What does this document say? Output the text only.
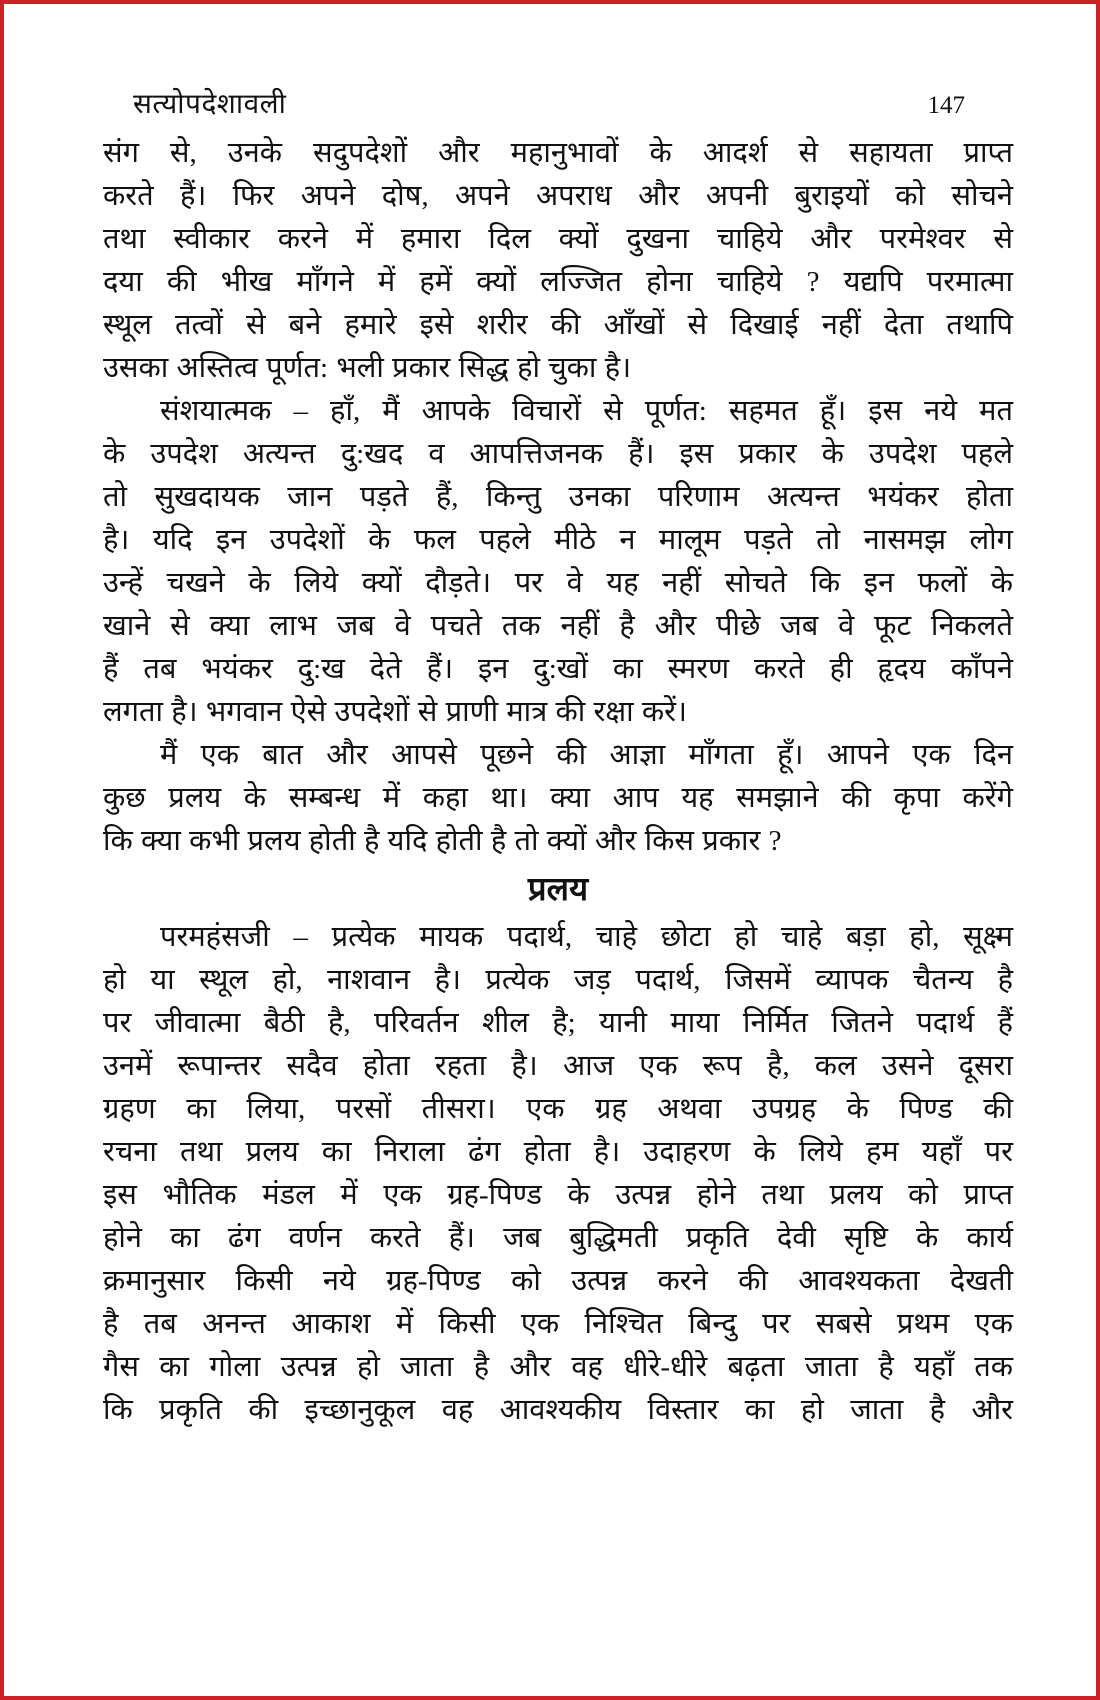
सत्योपदेशावली	147
संग से, उनके सदुपदेशों और महानुभावों के आदर्श से सहायता प्राप्त
करते हैं। फिर अपने दोष, अपने अपराध और अपनी बुराइयों को सोचने
तथा स्वीकार करने में हमारा दिल क्यों दुखना चाहिये और परमेश्वर से
दया की भीख माँगने में हमें क्यों लज्जित होना चाहिये ? यद्यपि परमात्मा
स्थूल तत्वों से बने हमारे इसे शरीर की आँखों से दिखाई नहीं देता तथापि
उसका अस्तित्व पूर्णत: भली प्रकार सिद्ध हो चुका है।
संशयात्मक – हाँ, मैं आपके विचारों से पूर्णत: सहमत हूँ। इस नये मत
के उपदेश अत्यन्त दु:खद व आपत्तिजनक हैं। इस प्रकार के उपदेश पहले
तो सुखदायक जान पड़ते हैं, किन्तु उनका परिणाम अत्यन्त भयंकर होता
है। यदि इन उपदेशों के फल पहले मीठे न मालूम पड़ते तो नासमझ लोग
उन्हें चखने के लिये क्यों दौड़ते। पर वे यह नहीं सोचते कि इन फलों के
खाने से क्या लाभ जब वे पचते तक नहीं है और पीछे जब वे फूट निकलते
हैं तब भयंकर दु:ख देते हैं। इन दु:खों का स्मरण करते ही हृदय काँपने
लगता है। भगवान ऐसे उपदेशों से प्राणी मात्र की रक्षा करें।
मैं एक बात और आपसे पूछने की आज्ञा माँगता हूँ। आपने एक दिन
कुछ प्रलय के सम्बन्ध में कहा था। क्या आप यह समझाने की कृपा करेंगे
कि क्या कभी प्रलय होती है यदि होती है तो क्यों और किस प्रकार ?
प्रलय
परमहंसजी – प्रत्येक मायक पदार्थ, चाहे छोटा हो चाहे बड़ा हो, सूक्ष्म
हो या स्थूल हो, नाशवान है। प्रत्येक जड़ पदार्थ, जिसमें व्यापक चैतन्य है
पर जीवात्मा बैठी है, परिवर्तन शील है; यानी माया निर्मित जितने पदार्थ हैं
उनमें रूपान्तर सदैव होता रहता है। आज एक रूप है, कल उसने दूसरा
ग्रहण का लिया, परसों तीसरा। एक ग्रह अथवा उपग्रह के पिण्ड की
रचना तथा प्रलय का निराला ढंग होता है। उदाहरण के लिये हम यहाँ पर
इस भौतिक मंडल में एक ग्रह-पिण्ड के उत्पन्न होने तथा प्रलय को प्राप्त
होने का ढंग वर्णन करते हैं। जब बुद्धिमती प्रकृति देवी सृष्टि के कार्य
क्रमानुसार किसी नये ग्रह-पिण्ड को उत्पन्न करने की आवश्यकता देखती
है तब अनन्त आकाश में किसी एक निश्चित बिन्दु पर सबसे प्रथम एक
गैस का गोला उत्पन्न हो जाता है और वह धीरे-धीरे बढ़ता जाता है यहाँ तक
कि प्रकृति की इच्छानुकूल वह आवश्यकीय विस्तार का हो जाता है और
